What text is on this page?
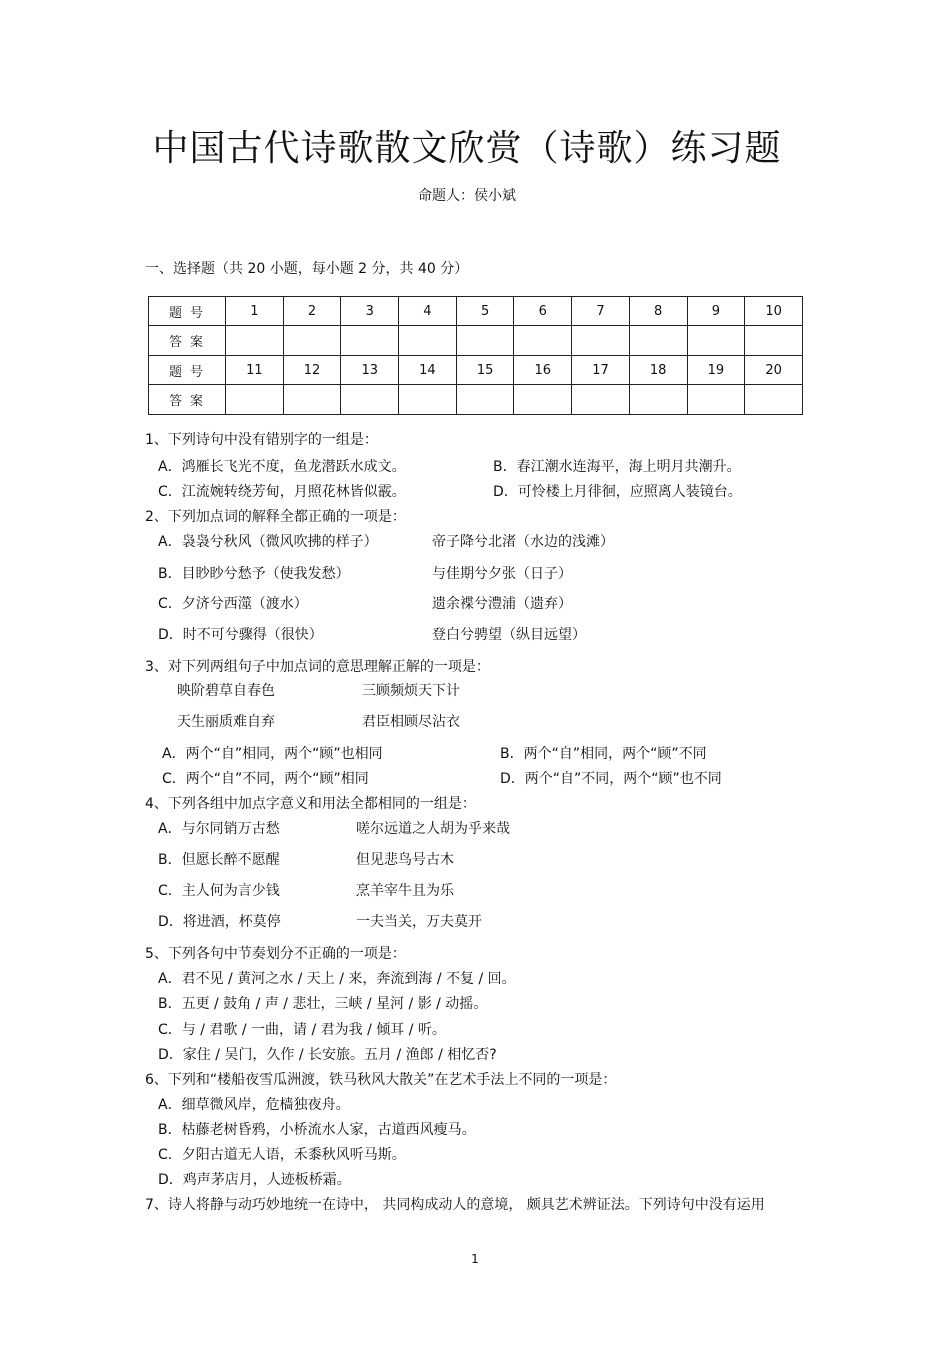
中国古代诗歌散文欣赏（诗歌）练习题
命题人：侯小斌
一、选择题（共 20 小题，每小题 2 分，共 40 分）
题号	1	2	3	4	5	6	7	8	9	10
答案										
题号	11	12	13	14	15	16	17	18	19	20
答案										
1、下列诗句中没有错别字的一组是：
A．鸿雁长飞光不度，鱼龙潜跃水成文。	B．春江潮水连海平，海上明月共潮升。
C．江流婉转绕芳甸，月照花林皆似霰。	D．可怜楼上月徘徊，应照离人装镜台。
2、下列加点词的解释全都正确的一项是：
A．袅袅兮秋风（微风吹拂的样子）	帝子降兮北渚（水边的浅滩）
B．目眇眇兮愁予（使我发愁）	与佳期兮夕张（日子）
C．夕济兮西澨（渡水）	遗余褋兮澧浦（遗弃）
D．时不可兮骤得（很快）	登白兮骋望（纵目远望）
3、对下列两组句子中加点词的意思理解正解的一项是：
映阶碧草自春色	三顾频烦天下计
天生丽质难自弃	君臣相顾尽沾衣
A．两个“自”相同，两个“顾”也相同	B．两个“自”相同，两个“顾”不同
C．两个“自”不同，两个“顾”相同	D．两个“自”不同，两个“顾”也不同
4、下列各组中加点字意义和用法全都相同的一组是：
A．与尔同销万古愁	嗟尔远道之人胡为乎来哉
B．但愿长醉不愿醒	但见悲鸟号古木
C．主人何为言少钱	烹羊宰牛且为乐
D．将进酒，杯莫停	一夫当关，万夫莫开
5、下列各句中节奏划分不正确的一项是：
A．君不见 / 黄河之水 / 天上 / 来，奔流到海 / 不复 / 回。
B．五更 / 鼓角 / 声 / 悲壮，三峡 / 星河 / 影 / 动摇。
C．与 / 君歌 / 一曲，请 / 君为我 / 倾耳 / 听。
D．家住 / 吴门，久作 / 长安旅。五月 / 渔郎 / 相忆否?
6、下列和“楼船夜雪瓜洲渡，铁马秋风大散关”在艺术手法上不同的一项是：
A．细草微风岸，危樯独夜舟。
B．枯藤老树昏鸦，小桥流水人家，古道西风瘦马。
C．夕阳古道无人语，禾黍秋风听马斯。
D．鸡声茅店月，人迹板桥霜。
7、诗人将静与动巧妙地统一在诗中， 共同构成动人的意境， 颇具艺术辨证法。下列诗句中没有运用
1
